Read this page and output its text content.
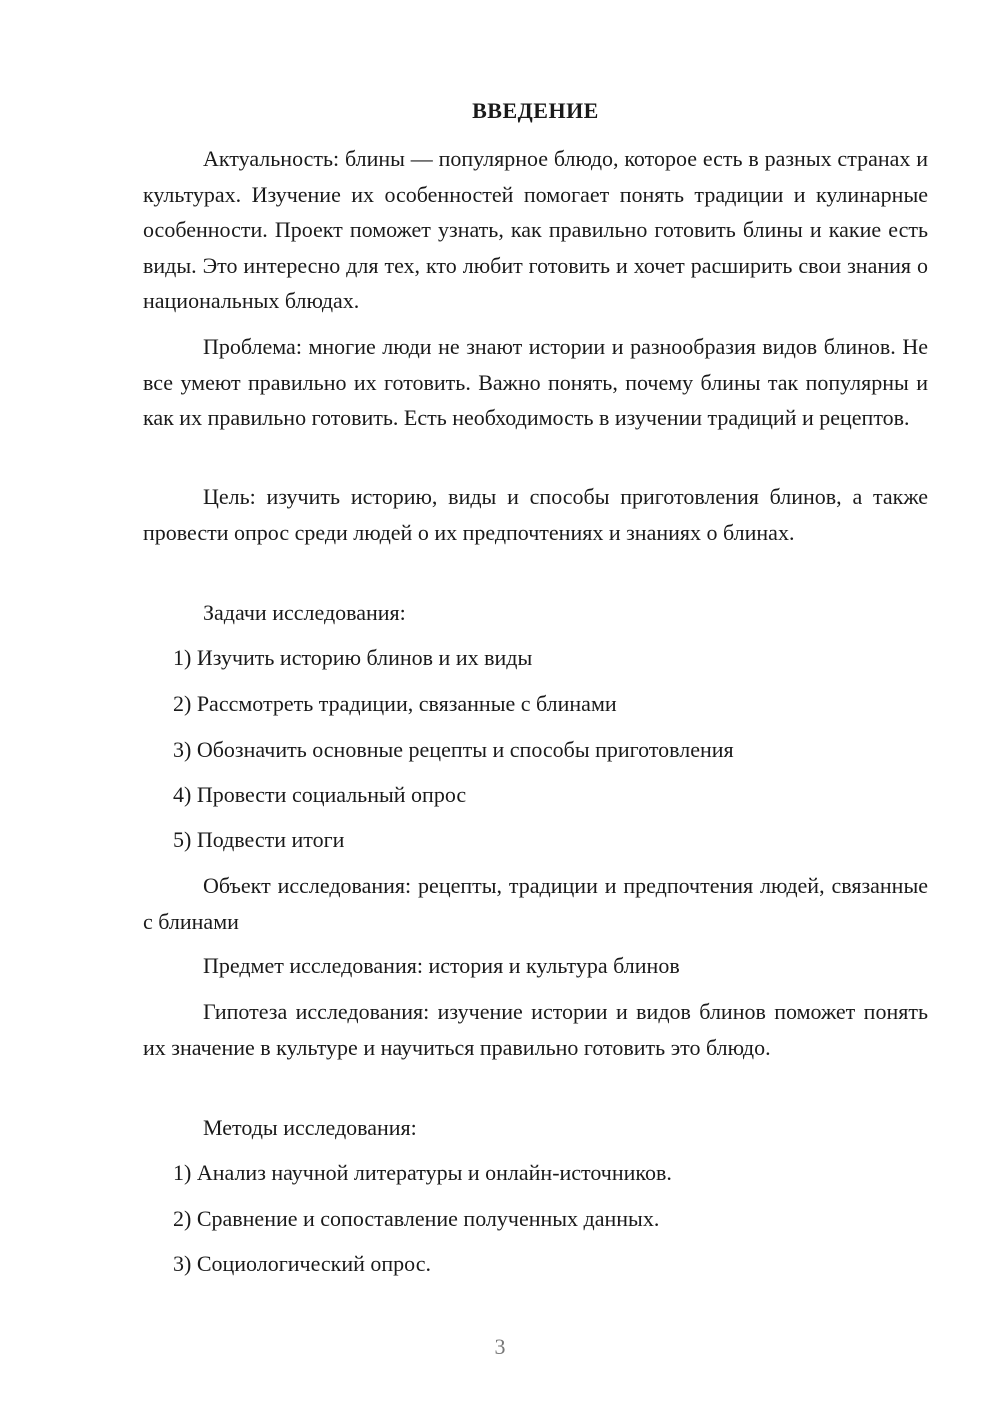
ВВЕДЕНИЕ

Актуальность: блины — популярное блюдо, которое есть в разных странах и культурах. Изучение их особенностей помогает понять традиции и кулинарные особенности. Проект поможет узнать, как правильно готовить блины и какие есть виды. Это интересно для тех, кто любит готовить и хочет расширить свои знания о национальных блюдах.

Проблема: многие люди не знают истории и разнообразия видов блинов. Не все умеют правильно их готовить. Важно понять, почему блины так популярны и как их правильно готовить. Есть необходимость в изучении традиций и рецептов.

Цель: изучить историю, виды и способы приготовления блинов, а также провести опрос среди людей о их предпочтениях и знаниях о блинах.

Задачи исследования:

1) Изучить историю блинов и их виды

2) Рассмотреть традиции, связанные с блинами

3) Обозначить основные рецепты и способы приготовления

4) Провести социальный опрос

5) Подвести итоги

Объект исследования: рецепты, традиции и предпочтения людей, связанные с блинами

Предмет исследования: история и культура блинов

Гипотеза исследования: изучение истории и видов блинов поможет понять их значение в культуре и научиться правильно готовить это блюдо.

Методы исследования:

1) Анализ научной литературы и онлайн-источников.

2) Сравнение и сопоставление полученных данных.

3) Социологический опрос.

3
